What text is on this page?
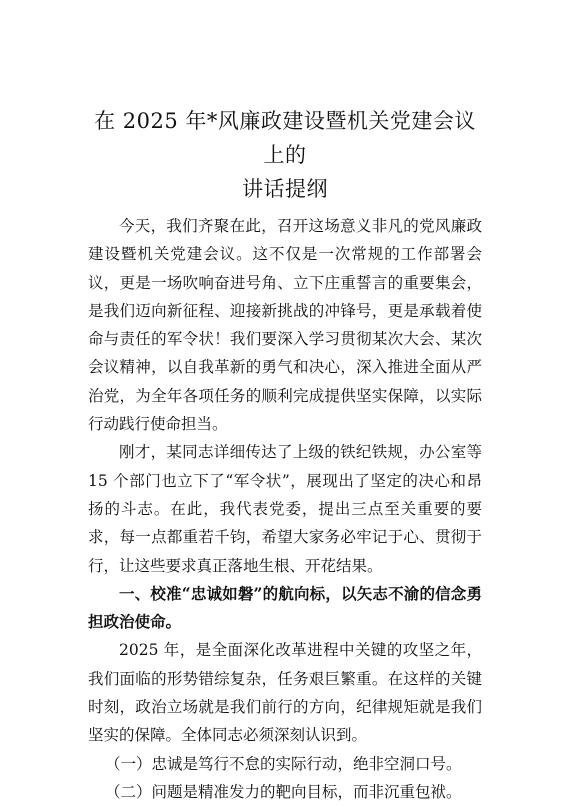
在 2025 年*风廉政建设暨机关党建会议上的
讲话提纲

今天，我们齐聚在此，召开这场意义非凡的党风廉政建设暨机关党建会议。这不仅是一次常规的工作部署会议，更是一场吹响奋进号角、立下庄重誓言的重要集会，是我们迈向新征程、迎接新挑战的冲锋号，更是承载着使命与责任的军令状！我们要深入学习贯彻某次大会、某次会议精神，以自我革新的勇气和决心，深入推进全面从严治党，为全年各项任务的顺利完成提供坚实保障，以实际行动践行使命担当。

刚才，某同志详细传达了上级的铁纪铁规，办公室等 15 个部门也立下了“军令状”，展现出了坚定的决心和昂扬的斗志。在此，我代表党委，提出三点至关重要的要求，每一点都重若千钧，希望大家务必牢记于心、贯彻于行，让这些要求真正落地生根、开花结果。

一、校准“忠诚如磐”的航向标，以矢志不渝的信念勇担政治使命。

2025 年，是全面深化改革进程中关键的攻坚之年，我们面临的形势错综复杂，任务艰巨繁重。在这样的关键时刻，政治立场就是我们前行的方向，纪律规矩就是我们坚实的保障。全体同志必须深刻认识到。

（一）忠诚是笃行不怠的实际行动，绝非空洞口号。

（二）问题是精准发力的靶向目标，而非沉重包袱。
